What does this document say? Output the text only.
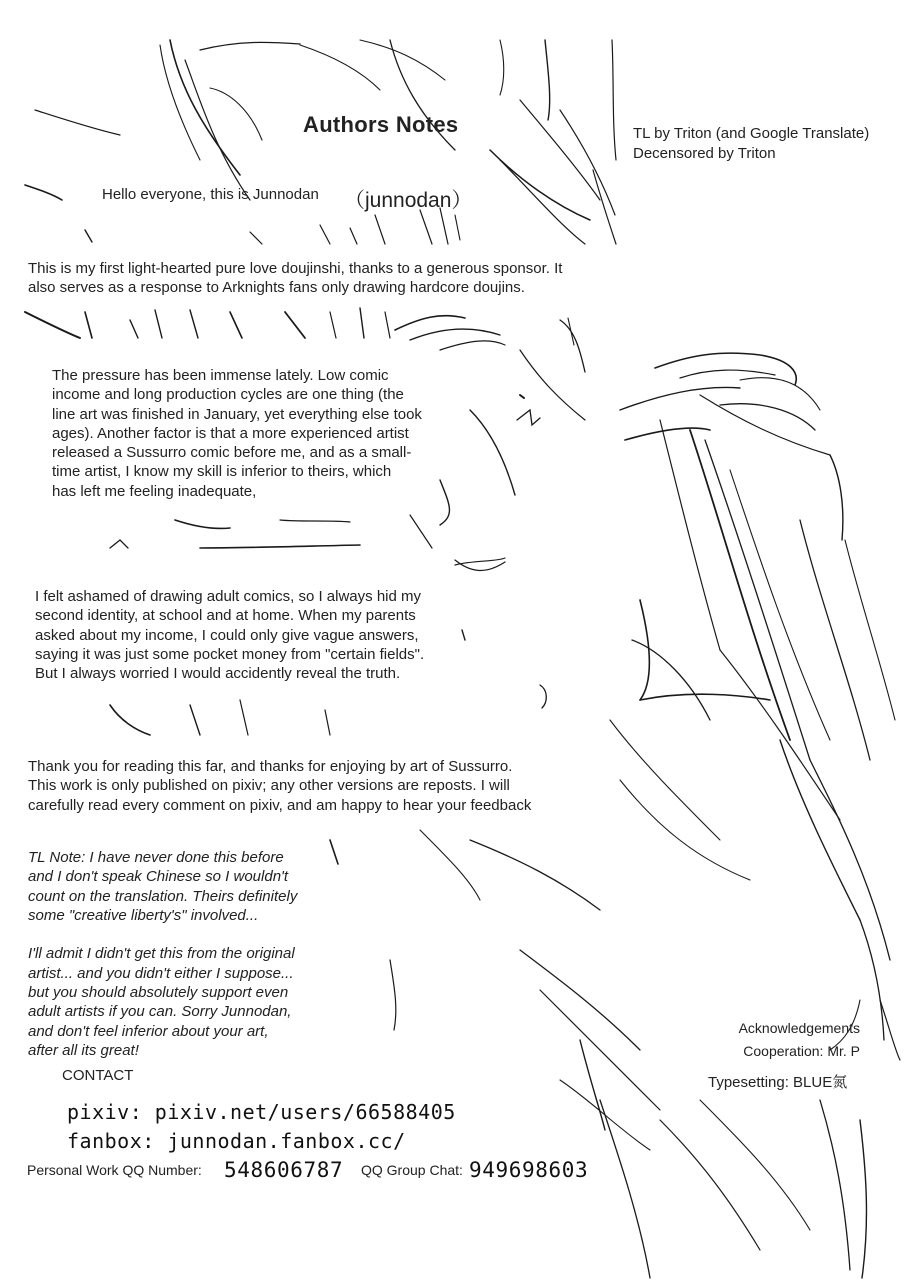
Authors Notes	TL by Triton (and Google Translate)
Decensored by Triton

Hello everyone, this is Junnodan （junnodan）

This is my first light-hearted pure love doujinshi, thanks to a generous sponsor. It
also serves as a response to Arknights fans only drawing hardcore doujins.
The pressure has been immense lately. Low comic
income and long production cycles are one thing (the
line art was finished in January, yet everything else took
ages). Another factor is that a more experienced artist
released a Sussurro comic before me, and as a small-
time artist, I know my skill is inferior to theirs, which
has left me feeling inadequate,
I felt ashamed of drawing adult comics, so I always hid my
second identity, at school and at home. When my parents
asked about my income, I could only give vague answers,
saying it was just some pocket money from "certain fields".
But I always worried I would accidently reveal the truth.
Thank you for reading this far, and thanks for enjoying by art of Sussurro.
This work is only published on pixiv; any other versions are reposts. I will
carefully read every comment on pixiv, and am happy to hear your feedback
TL Note: I have never done this before
and I don't speak Chinese so I wouldn't
count on the translation. Theirs definitely
some "creative liberty's" involved...
I'll admit I didn't get this from the original
artist... and you didn't either I suppose...
but you should absolutely support even
adult artists if you can. Sorry Junnodan,
and don't feel inferior about your art,
after all its great!

CONTACT

pixiv: pixiv.net/users/66588405

fanbox: junnodan.fanbox.cc/

Personal Work QQ Number: 548606787 QQ Group Chat: 949698603

Acknowledgements

Cooperation: Mr. P

Typesetting: BLUE氮
